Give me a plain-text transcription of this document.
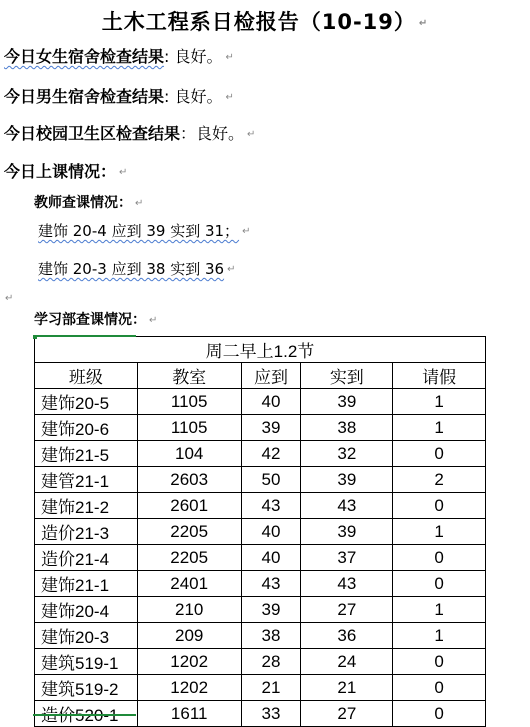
土木工程系日检报告（10-19） ↵
今日女生宿舍检查结果: 良好。 ↵
今日男生宿舍检查结果: 良好。 ↵
今日校园卫生区检查结果：良好。 ↵
今日上课情况： ↵
教师查课情况： ↵
建饰 20-4 应到 39 实到 31； ↵
建饰 20-3 应到 38 实到 36 ↵
↵
学习部查课情况： ↵
周二早上1.2节				
班级	教室	应到	实到	请假
建饰20-5	1105	40	39	1
建饰20-6	1105	39	38	1
建饰21-5	104	42	32	0
建管21-1	2603	50	39	2
建饰21-2	2601	43	43	0
造价21-3	2205	40	39	1
造价21-4	2205	40	37	0
建饰21-1	2401	43	43	0
建饰20-4	210	39	27	1
建饰20-3	209	38	36	1
建筑519-1	1202	28	24	0
建筑519-2	1202	21	21	0
造价520-1	1611	33	27	0
